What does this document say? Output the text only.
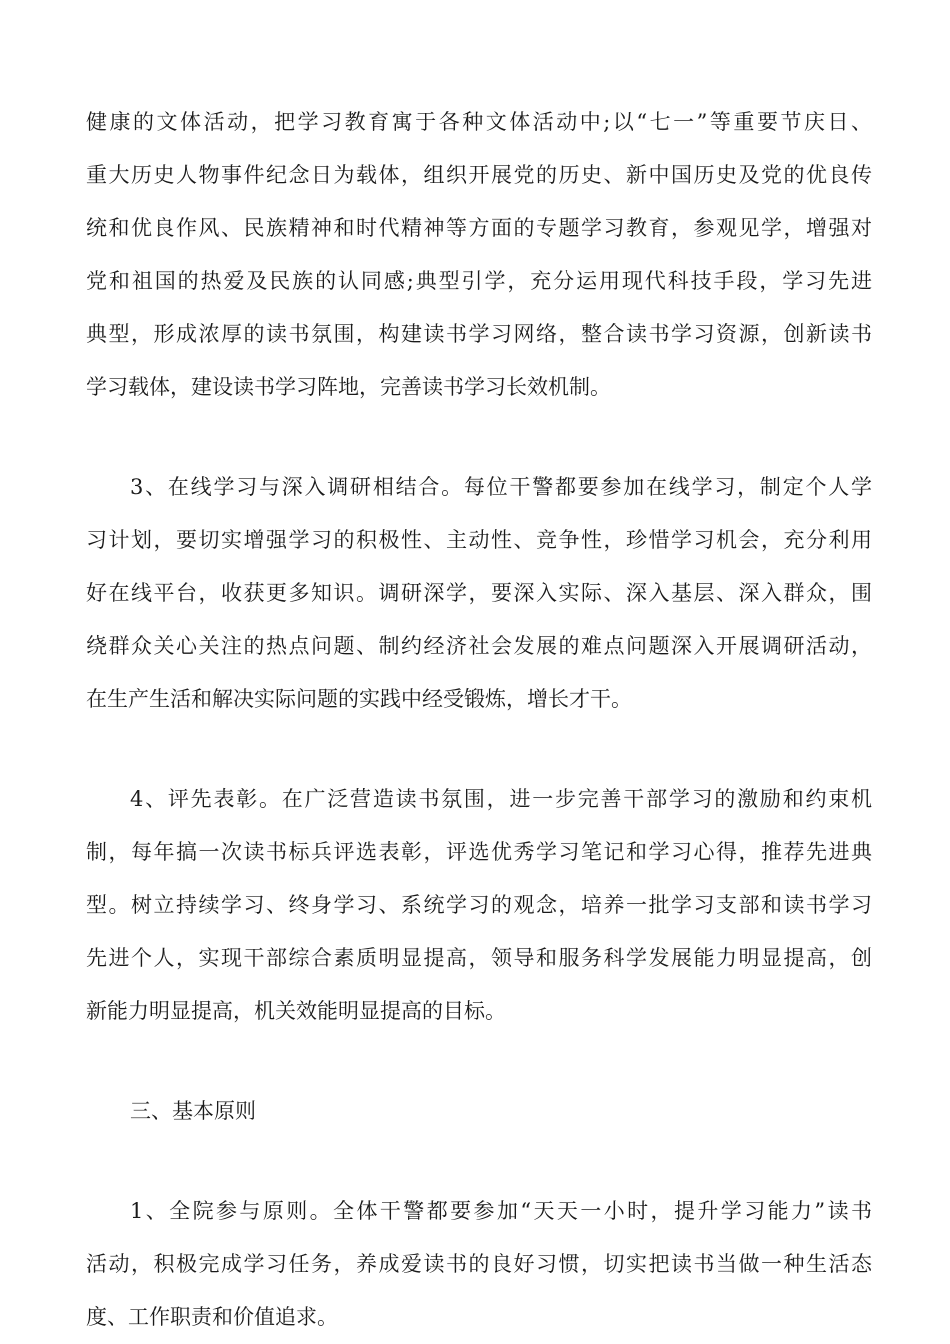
健康的文体活动，把学习教育寓于各种文体活动中;以“七一”等重要节庆日、
重大历史人物事件纪念日为载体，组织开展党的历史、新中国历史及党的优良传
统和优良作风、民族精神和时代精神等方面的专题学习教育，参观见学，增强对
党和祖国的热爱及民族的认同感;典型引学，充分运用现代科技手段，学习先进
典型，形成浓厚的读书氛围，构建读书学习网络，整合读书学习资源，创新读书
学习载体，建设读书学习阵地，完善读书学习长效机制。
3、在线学习与深入调研相结合。每位干警都要参加在线学习，制定个人学
习计划，要切实增强学习的积极性、主动性、竞争性，珍惜学习机会，充分利用
好在线平台，收获更多知识。调研深学，要深入实际、深入基层、深入群众，围
绕群众关心关注的热点问题、制约经济社会发展的难点问题深入开展调研活动，
在生产生活和解决实际问题的实践中经受锻炼，增长才干。
4、评先表彰。在广泛营造读书氛围，进一步完善干部学习的激励和约束机
制，每年搞一次读书标兵评选表彰，评选优秀学习笔记和学习心得，推荐先进典
型。树立持续学习、终身学习、系统学习的观念，培养一批学习支部和读书学习
先进个人，实现干部综合素质明显提高，领导和服务科学发展能力明显提高，创
新能力明显提高，机关效能明显提高的目标。
三、基本原则
1、全院参与原则。全体干警都要参加“天天一小时，提升学习能力”读书
活动，积极完成学习任务，养成爱读书的良好习惯，切实把读书当做一种生活态
度、工作职责和价值追求。
